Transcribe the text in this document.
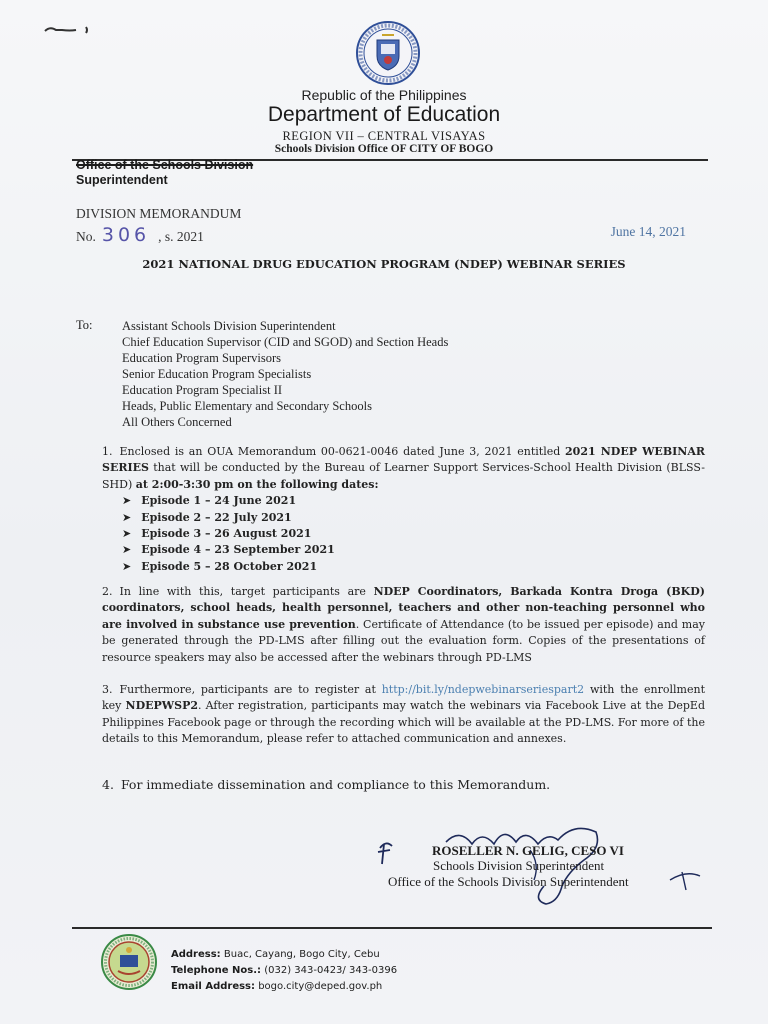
Republic of the Philippines
Department of Education
REGION VII – CENTRAL VISAYAS
Schools Division Office OF CITY OF BOGO
Office of the Schools Division
Superintendent
DIVISION MEMORANDUM
No. 306 , s. 2021	June 14, 2021
2021 NATIONAL DRUG EDUCATION PROGRAM (NDEP) WEBINAR SERIES
To: Assistant Schools Division Superintendent
Chief Education Supervisor (CID and SGOD) and Section Heads
Education Program Supervisors
Senior Education Program Specialists
Education Program Specialist II
Heads, Public Elementary and Secondary Schools
All Others Concerned
1. Enclosed is an OUA Memorandum 00-0621-0046 dated June 3, 2021 entitled 2021 NDEP WEBINAR SERIES that will be conducted by the Bureau of Learner Support Services-School Health Division (BLSS-SHD) at 2:00-3:30 pm on the following dates:
➤ Episode 1 – 24 June 2021
➤ Episode 2 – 22 July 2021
➤ Episode 3 – 26 August 2021
➤ Episode 4 – 23 September 2021
➤ Episode 5 – 28 October 2021

2. In line with this, target participants are NDEP Coordinators, Barkada Kontra Droga (BKD) coordinators, school heads, health personnel, teachers and other non-teaching personnel who are involved in substance use prevention. Certificate of Attendance (to be issued per episode) and may be generated through the PD-LMS after filling out the evaluation form. Copies of the presentations of resource speakers may also be accessed after the webinars through PD-LMS

3. Furthermore, participants are to register at http://bit.ly/ndepwebinarseriespart2 with the enrollment key NDEPWSP2. After registration, participants may watch the webinars via Facebook Live at the DepEd Philippines Facebook page or through the recording which will be available at the PD-LMS. For more of the details to this Memorandum, please refer to attached communication and annexes.

4. For immediate dissemination and compliance to this Memorandum.

ROSELLER N. GELIG, CESO VI
Schools Division Superintendent
Office of the Schools Division Superintendent
Address: Buac, Cayang, Bogo City, Cebu
Telephone Nos.: (032) 343-0423/ 343-0396
Email Address: bogo.city@deped.gov.ph
